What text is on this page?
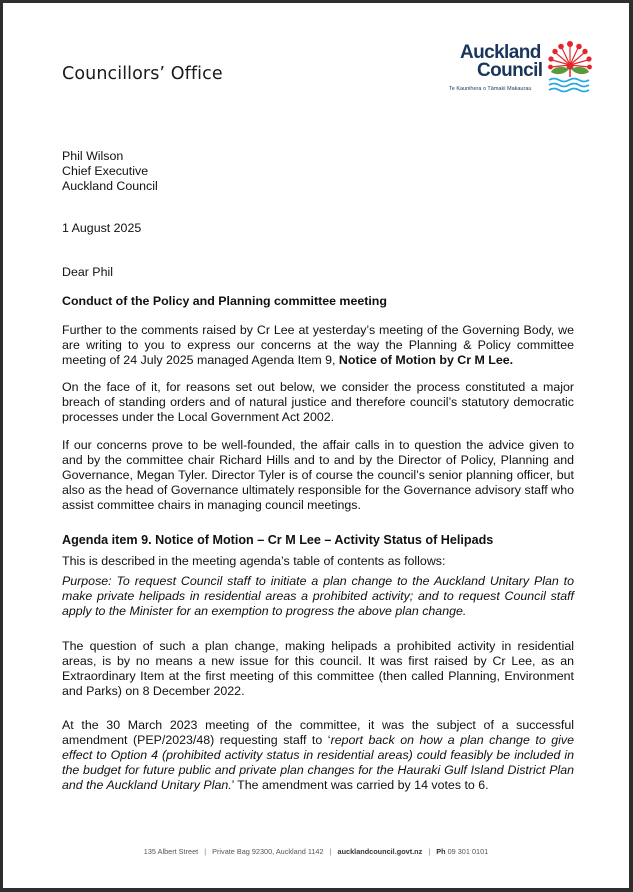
Councillors’ Office
Auckland
Council
Te Kaunihera o Tāmaki Makaurau
Phil Wilson
Chief Executive
Auckland Council
1 August 2025
Dear Phil
Conduct of the Policy and Planning committee meeting

Further to the comments raised by Cr Lee at yesterday’s meeting of the Governing Body, we are writing to you to express our concerns at the way the Planning & Policy committee meeting of 24 July 2025 managed Agenda Item 9, Notice of Motion by Cr M Lee.

On the face of it, for reasons set out below, we consider the process constituted a major breach of standing orders and of natural justice and therefore council’s statutory democratic processes under the Local Government Act 2002.

If our concerns prove to be well-founded, the affair calls in to question the advice given to and by the committee chair Richard Hills and to and by the Director of Policy, Planning and Governance, Megan Tyler. Director Tyler is of course the council’s senior planning officer, but also as the head of Governance ultimately responsible for the Governance advisory staff who assist committee chairs in managing council meetings.

Agenda item 9. Notice of Motion – Cr M Lee – Activity Status of Helipads

This is described in the meeting agenda’s table of contents as follows:

Purpose: To request Council staff to initiate a plan change to the Auckland Unitary Plan to make private helipads in residential areas a prohibited activity; and to request Council staff apply to the Minister for an exemption to progress the above plan change.

The question of such a plan change, making helipads a prohibited activity in residential areas, is by no means a new issue for this council. It was first raised by Cr Lee, as an Extraordinary Item at the first meeting of this committee (then called Planning, Environment and Parks) on 8 December 2022.

At the 30 March 2023 meeting of the committee, it was the subject of a successful amendment (PEP/2023/48) requesting staff to ‘report back on how a plan change to give effect to Option 4 (prohibited activity status in residential areas) could feasibly be included in the budget for future public and private plan changes for the Hauraki Gulf Island District Plan and the Auckland Unitary Plan.’ The amendment was carried by 14 votes to 6.

135 Albert Street | Private Bag 92300, Auckland 1142 | aucklandcouncil.govt.nz | Ph 09 301 0101
